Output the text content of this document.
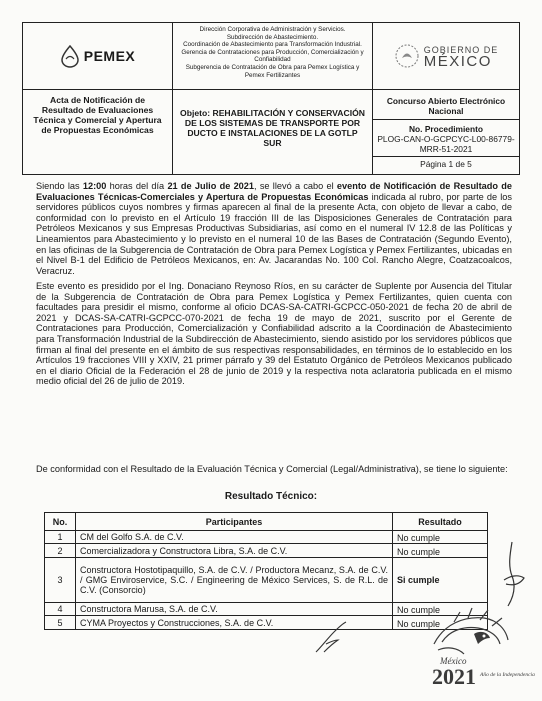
PEMEX
Dirección Corporativa de Administración y Servicios.
Subdirección de Abastecimiento.
Coordinación de Abastecimiento para Transformación Industrial.
Gerencia de Contrataciones para Producción, Comercialización y Confiabilidad
Subgerencia de Contratación de Obra para Pemex Logística y Pemex Fertilizantes
GOBIERNO DE
MÉXICO
Acta de Notificación de Resultado de Evaluaciones Técnica y Comercial y Apertura de Propuestas Económicas
Objeto: REHABILITACIÓN Y CONSERVACIÓN DE LOS SISTEMAS DE TRANSPORTE POR DUCTO E INSTALACIONES DE LA GOTLP SUR
Concurso Abierto Electrónico Nacional
No. Procedimiento
PLOG-CAN-O-GCPCYC-L00-86779-MRR-51-2021
Página 1 de 5
Siendo las 12:00 horas del día 21 de Julio de 2021, se llevó a cabo el evento de Notificación de Resultado de Evaluaciones Técnicas-Comerciales y Apertura de Propuestas Económicas indicada al rubro, por parte de los servidores públicos cuyos nombres y firmas aparecen al final de la presente Acta, con objeto de llevar a cabo, de conformidad con lo previsto en el Artículo 19 fracción III de las Disposiciones Generales de Contratación para Petróleos Mexicanos y sus Empresas Productivas Subsidiarias, así como en el numeral IV 12.8 de las Políticas y Lineamientos para Abastecimiento y lo previsto en el numeral 10 de las Bases de Contratación (Segundo Evento), en las oficinas de la Subgerencia de Contratación de Obra para Pemex Logística y Pemex Fertilizantes, ubicadas en el Nivel B-1 del Edificio de Petróleos Mexicanos, en: Av. Jacarandas No. 100 Col. Rancho Alegre, Coatzacoalcos, Veracruz.
Este evento es presidido por el Ing. Donaciano Reynoso Ríos, en su carácter de Suplente por Ausencia del Titular de la Subgerencia de Contratación de Obra para Pemex Logística y Pemex Fertilizantes, quien cuenta con facultades para presidir el mismo, conforme al oficio DCAS-SA-CATRI-GCPCC-050-2021 de fecha 20 de abril de 2021 y DCAS-SA-CATRI-GCPCC-070-2021 de fecha 19 de mayo de 2021, suscrito por el Gerente de Contrataciones para Producción, Comercialización y Confiabilidad adscrito a la Coordinación de Abastecimiento para Transformación Industrial de la Subdirección de Abastecimiento, siendo asistido por los servidores públicos que firman al final del presente en el ámbito de sus respectivas responsabilidades, en términos de lo establecido en los Artículos 19 fracciones VIII y XXIV, 21 primer párrafo y 39 del Estatuto Orgánico de Petróleos Mexicanos publicado en el diario Oficial de la Federación el 28 de junio de 2019 y la respectiva nota aclaratoria publicada en el mismo medio oficial del 26 de julio de 2019.
De conformidad con el Resultado de la Evaluación Técnica y Comercial (Legal/Administrativa), se tiene lo siguiente:
Resultado Técnico:
No.	Participantes	Resultado
1	CM del Golfo S.A. de C.V.	No cumple
2	Comercializadora y Constructora Libra, S.A. de C.V.	No cumple
3	Constructora Hostotipaquillo, S.A. de C.V. / Productora Mecanz, S.A. de C.V. / GMG Enviroservice, S.C. / Engineering de México Services, S. de R.L. de C.V. (Consorcio)	Si cumple
4	Constructora Marusa, S.A. de C.V.	No cumple
5	CYMA Proyectos y Construcciones, S.A. de C.V.	No cumple
México
2021 Año de la Independencia
